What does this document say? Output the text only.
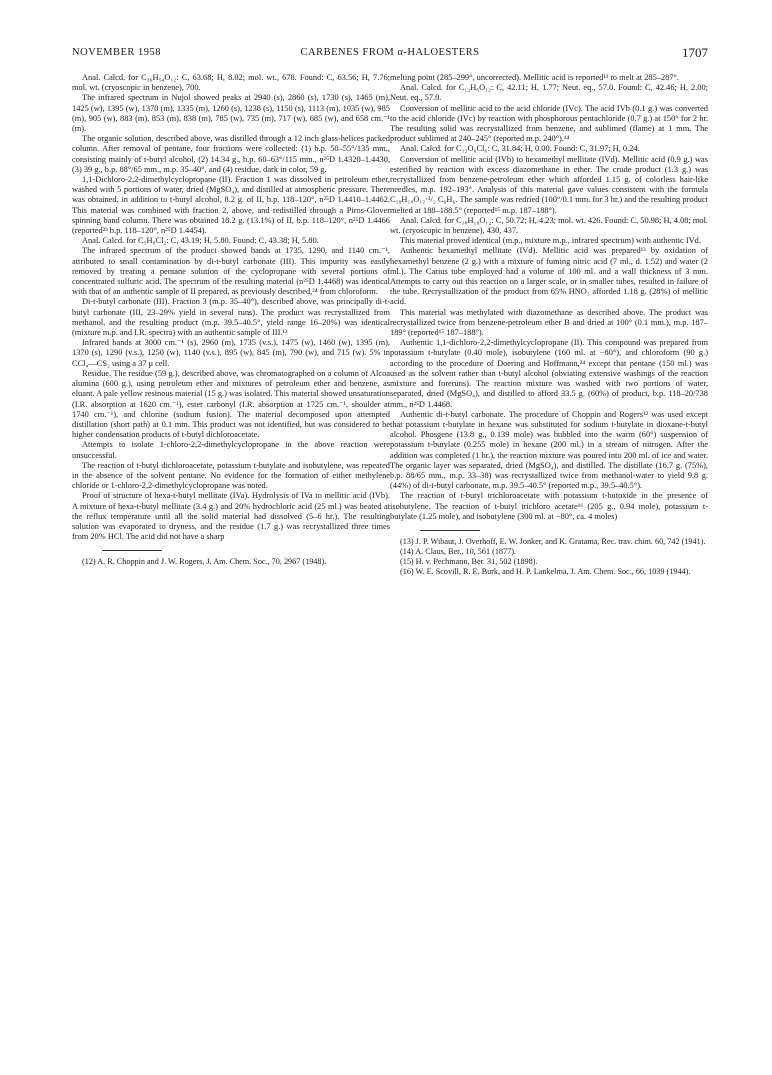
NOVEMBER 1958	CARBENES FROM α-HALOESTERS	1707

Anal. Calcd. for C₃₆H₅₄O₁₂: C, 63.68; H, 8.02; mol. wt., 678. Found: C, 63.56; H, 7.76; mol. wt. (cryoscopic in benzene), 700.

The infrared spectrum in Nujol showed peaks at 2940 (s), 2860 (s), 1730 (s), 1465 (m), 1425 (w), 1395 (w), 1370 (m), 1335 (m), 1260 (s), 1238 (s), 1150 (s), 1113 (m), 1035 (w), 985 (m), 905 (w), 883 (m), 853 (m), 838 (m), 785 (w), 735 (m), 717 (w), 685 (w), and 658 cm.⁻¹ (m).

The organic solution, described above, was distilled through a 12 inch glass-helices packed column. After removal of pentane, four fractions were collected: (1) b.p. 50–55°/135 mm., consisting mainly of t-butyl alcohol, (2) 14.34 g., b.p. 60–63°/115 mm., n²⁵D 1.4320–1.4430, (3) 39 g., b.p. 88°/65 mm., m.p. 35–40°, and (4) residue, dark in color, 59 g.

1,1-Dichloro-2,2-dimethylcyclopropane (II). Fraction 1 was dissolved in petroleum ether, washed with 5 portions of water, dried (MgSO₄), and distilled at atmospheric pressure. There was obtained, in addition to t-butyl alcohol, 8.2 g. of II, b.p. 118–120°, n²⁵D 1.4410–1.4462. This material was combined with fraction 2, above, and redistilled through a Piros-Glover spinning band column. There was obtained 18.2 g. (13.1%) of II, b.p. 118–120°, n²⁵D 1.4466 (reported²³ b.p. 118–120°, n²⁵D 1.4454).

Anal. Calcd. for C₅H₈Cl₂: C, 43.19; H, 5.80. Found: C, 43.38; H, 5.80.

The infrared spectrum of the product showed bands at 1735, 1290, and 1140 cm.⁻¹, attributed to small contamination by di-t-butyl carbonate (III). This impurity was easily removed by treating a pentane solution of the cyclopropane with several portions of concentrated sulfuric acid. The spectrum of the resulting material (n²⁵D 1.4468) was identical with that of an authentic sample of II prepared, as previously described,²⁴ from chloroform.

Di-t-butyl carbonate (III). Fraction 3 (m.p. 35–40°), described above, was principally di-t-butyl carbonate (III, 23–29% yield in several runs). The product was recrystallized from methanol, and the resulting product (m.p. 39.5–40.5°, yield range 16–20%) was identical (mixture m.p. and I.R. spectra) with an authentic sample of III.¹²

Infrared bands at 3000 cm.⁻¹ (s), 2960 (m), 1735 (v.s.), 1475 (w), 1460 (w), 1395 (m), 1370 (s), 1290 (v.s.), 1250 (w), 1140 (v.s.), 895 (w), 845 (m), 790 (w), and 715 (w). 5% in CCl₄—CS₂ using a 37 μ cell.

Residue. The residue (59 g.), described above, was chromatographed on a column of Alcoa alumina (600 g.), using petroleum ether and mixtures of petroleum ether and benzene, as eluant. A pale yellow resinous material (15 g.) was isolated. This material showed unsaturation (I.R. absorption at 1620 cm.⁻¹), ester carbonyl (I.R. absorption at 1725 cm.⁻¹, shoulder at 1740 cm.⁻¹), and chlorine (sodium fusion). The material decomposed upon attempted distillation (short path) at 0.1 mm. This product was not identified, but was considered to be higher condensation products of t-butyl dichloroacetate.

Attempts to isolate 1-chloro-2,2-dimethylcyclopropane in the above reaction were unsuccessful.

The reaction of t-butyl dichloroacetate, potassium t-butylate and isobutylene, was repeated in the absence of the solvent pentane. No evidence for the formation of either methylene chloride or 1-chloro-2,2-dimethylcyclopropane was noted.

Proof of structure of hexa-t-butyl mellitate (IVa). Hydrolysis of IVa to mellitic acid (IVb). A mixture of hexa-t-butyl mellitate (3.4 g.) and 20% hydrochloric acid (25 ml.) was heated at the reflux temperature until all the solid material had dissolved (5–6 hr.). The resulting solution was evaporated to dryness, and the residue (1.7 g.) was recrystallized three times from 20% HCl. The acid did not have a sharp

(12) A. R. Choppin and J. W. Rogers, J. Am. Chem. Soc., 70, 2967 (1948).

melting point (285–299°, uncorrected). Mellitic acid is reported¹³ to melt at 285–287°.

Anal. Calcd. for C₁₂H₆O₁₂: C, 42.11; H, 1.77; Neut. eq., 57.0. Found: C, 42.46; H, 2.00; Neut. eq., 57.0.

Conversion of mellitic acid to the acid chloride (IVc). The acid IVb (0.1 g.) was converted to the acid chloride (IVc) by reaction with phosphorous pentachloride (0.7 g.) at 150° for 2 hr. The resulting solid was recrystallized from benzene, and sublimed (flame) at 1 mm. The product sublimed at 240–245° (reported m.p. 240°).¹⁴

Anal. Calcd. for C₁₂O₆Cl₆: C, 31.84; H, 0.00. Found: C, 31.97; H, 0.24.

Conversion of mellitic acid (IVb) to hexamethyl mellitate (IVd). Mellitic acid (0.9 g.) was esterified by reaction with excess diazomethane in ether. The crude product (1.3 g.) was recrystallized from benzene-petroleum ether which afforded 1.15 g. of colorless hair-like needles, m.p. 192–193°. Analysis of this material gave values consistent with the formula C₁₈H₁₈O₁₂·¹/₂ C₆H₆. The sample was redried (100°/0.1 mm. for 3 hr.) and the resulting product melted at 188–188.5° (reported¹⁵ m.p. 187–188°).

Anal. Calcd. for C₁₈H₁₈O₁₂: C, 50.72; H, 4.23; mol. wt. 426. Found: C, 50.98; H, 4.08; mol. wt. (cryoscopic in benzene), 430, 437.

This material proved identical (m.p., mixture m.p., infrared spectrum) with authentic IVd.

Authentic hexamethyl mellitate (IVd). Mellitic acid was prepared¹³ by oxidation of hexamethyl benzene (2 g.) with a mixture of fuming nitric acid (7 ml., d. 1.52) and water (2 ml.). The Carius tube employed had a volume of 100 ml. and a wall thickness of 3 mm. Attempts to carry out this reaction on a larger scale, or in smaller tubes, resulted in failure of the tube. Recrystallization of the product from 65% HNO₃ afforded 1.18 g. (28%) of mellitic acid.

This material was methylated with diazomethane as described above. The product was recrystallized twice from benzene-petroleum ether B and dried at 100° (0.1 mm.), m.p. 187–189° (reported¹⁵ 187–188°).

Authentic 1,1-dichloro-2,2-dimethylcyclopropane (II). This compound was prepared from potassium t-butylate (0.40 mole), isobutylene (160 ml. at −80°), and chloroform (90 g.) according to the procedure of Doering and Hoffmann,²⁴ except that pentane (150 ml.) was used as the solvent rather than t-butyl alcohol (obviating extensive washings of the reaction mixture and foreruns). The reaction mixture was washed with two portions of water, separated, dried (MgSO₄), and distilled to afford 33.5 g. (60%) of product, b.p. 118–20/738 mm., n²⁵D 1.4468.

Authentic di-t-butyl carbonate. The procedure of Choppin and Rogers¹² was used except that potassium t-butylate in hexane was substituted for sodium t-butylate in dioxane-t-butyl alcohol. Phosgene (13.8 g., 0.139 mole) was bubbled into the warm (60°) suspension of potassium t-butylate (0.255 mole) in hexane (200 ml.) in a stream of nitrogen. After the addition was completed (1 hr.), the reaction mixture was poured into 200 ml. of ice and water. The organic layer was separated, dried (MgSO₄), and distilled. The distillate (16.7 g. (75%), b.p. 88/65 mm., m.p. 33–38) was recrystallized twice from methanol-water to yield 9.8 g. (44%) of di-t-butyl carbonate, m.p. 39.5–40.5° (reported m.p., 39.5–40.5°).

The reaction of t-butyl trichloroacetate with potassium t-butoxide in the presence of isobutylene. The reaction of t-butyl trichloro acetate¹⁶ (205 g., 0.94 mole), potassium t-butylate (1.25 mole), and isobutylene (300 ml. at −80°, ca. 4 moles)

(13) J. P. Wibaut, J. Overhoff, E. W. Jonker, and K. Gratama, Rec. trav. chim. 60, 742 (1941).

(14) A. Claus, Ber., 10, 561 (1877).

(15) H. v. Pechmann, Ber. 31, 502 (1898).

(16) W. E. Scovill, R. E. Burk, and H. P. Lankelma, J. Am. Chem. Soc., 66, 1039 (1944).
